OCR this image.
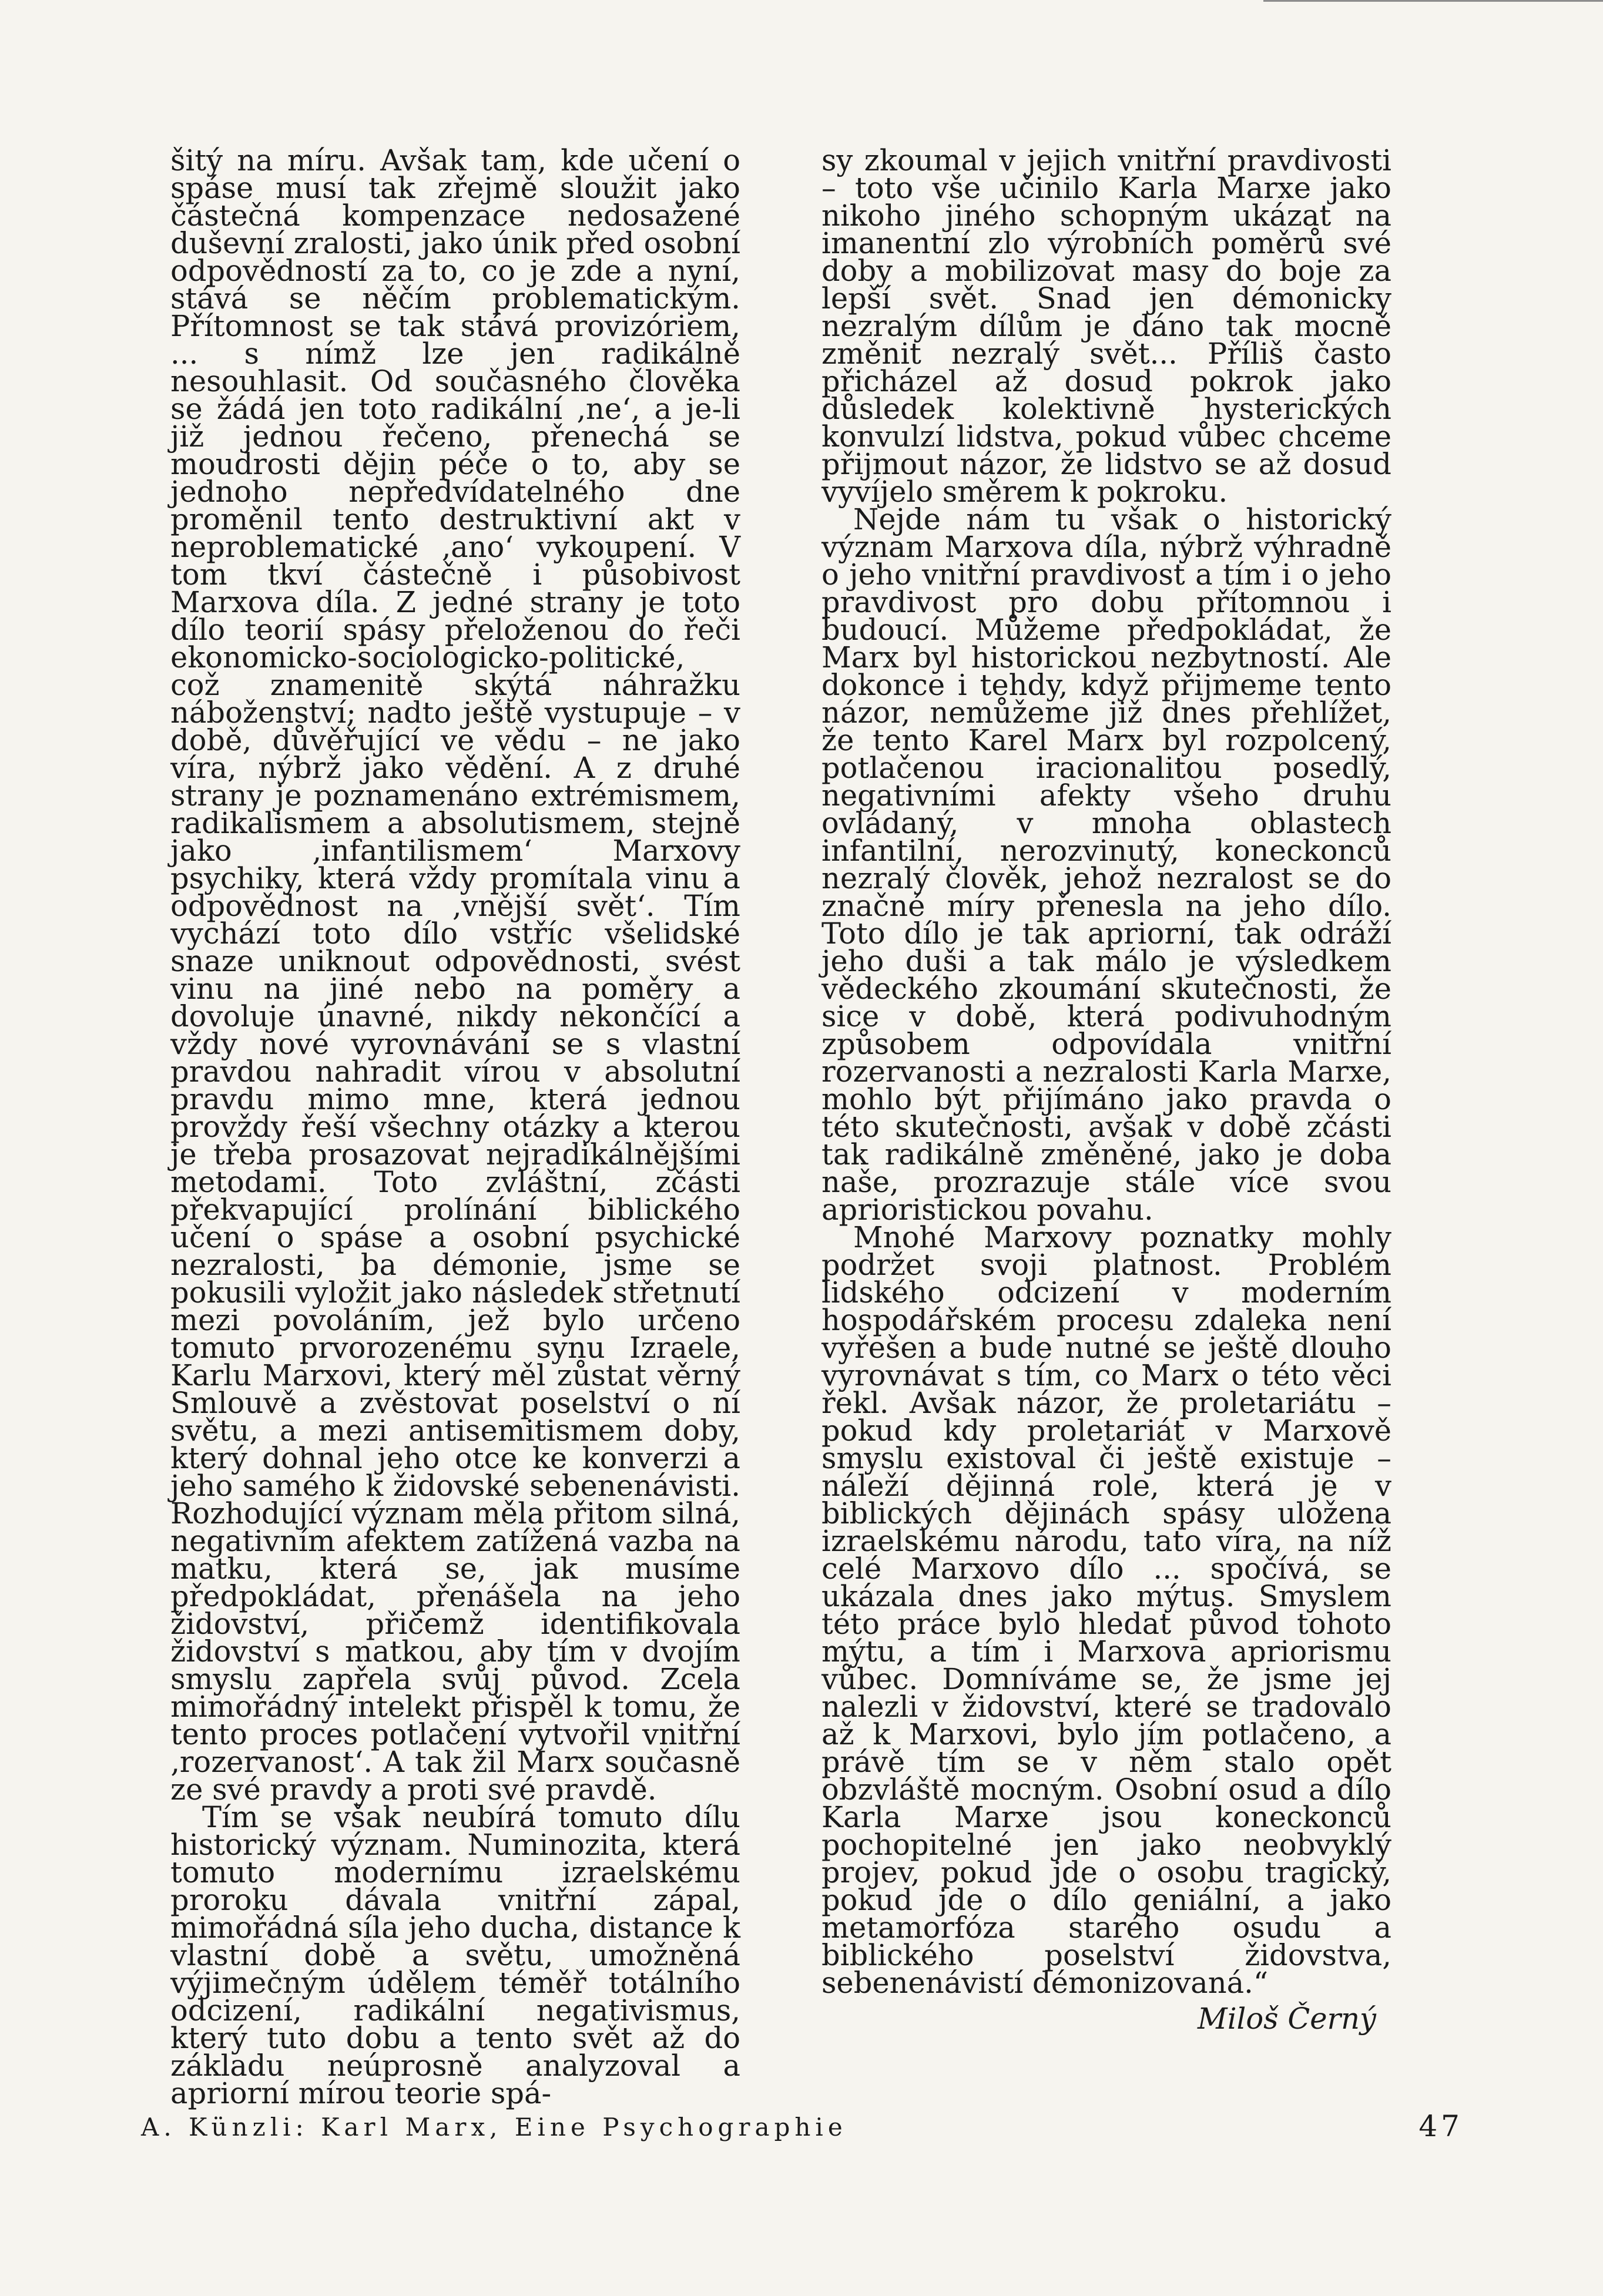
šitý na míru. Avšak tam, kde učení o spáse musí tak zřejmě sloužit jako částečná kompenzace nedosažené duševní zralosti, jako únik před osobní odpovědností za to, co je zde a nyní, stává se něčím problematickým. Přítomnost se tak stává provizóriem, ... s nímž lze jen radikálně nesouhlasit. Od současného člověka se žádá jen toto radikální ‚ne‘, a je-li již jednou řečeno, přenechá se moudrosti dějin péče o to, aby se jednoho nepředvídatelného dne proměnil tento destruktivní akt v neproblematické ‚ano‘ vykoupení. V tom tkví částečně i působivost Marxova díla. Z jedné strany je toto dílo teorií spásy přeloženou do řeči ekonomicko-sociologicko-politické, což znamenitě skýtá náhražku náboženství; nadto ještě vystupuje – v době, důvěřující ve vědu – ne jako víra, nýbrž jako vědění. A z druhé strany je poznamenáno extrémismem, radikalismem a absolutismem, stejně jako ‚infantilismem‘ Marxovy psychiky, která vždy promítala vinu a odpovědnost na ‚vnější svět‘. Tím vychází toto dílo vstříc všelidské snaze uniknout odpovědnosti, svést vinu na jiné nebo na poměry a dovoluje únavné, nikdy nekončící a vždy nové vyrovnávání se s vlastní pravdou nahradit vírou v absolutní pravdu mimo mne, která jednou provždy řeší všechny otázky a kterou je třeba prosazovat nejradikálnějšími metodami. Toto zvláštní, zčásti překvapující prolínání biblického učení o spáse a osobní psychické nezralosti, ba démonie, jsme se pokusili vyložit jako následek střetnutí mezi povoláním, jež bylo určeno tomuto prvorozenému synu Izraele, Karlu Marxovi, který měl zůstat věrný Smlouvě a zvěstovat poselství o ní světu, a mezi antisemitismem doby, který dohnal jeho otce ke konverzi a jeho samého k židovské sebenenávisti. Rozhodující význam měla přitom silná, negativním afektem zatížená vazba na matku, která se, jak musíme předpokládat, přenášela na jeho židovství, přičemž identifikovala židovství s matkou, aby tím v dvojím smyslu zapřela svůj původ. Zcela mimořádný intelekt přispěl k tomu, že tento proces potlačení vytvořil vnitřní ‚rozervanost‘. A tak žil Marx současně ze své pravdy a proti své pravdě.

Tím se však neubírá tomuto dílu historický význam. Numinozita, která tomuto modernímu izraelskému proroku dávala vnitřní zápal, mimořádná síla jeho ducha, distance k vlastní době a světu, umožněná výjimečným údělem téměř totálního odcizení, radikální negativismus, který tuto dobu a tento svět až do základu neúprosně analyzoval a apriorní mírou teorie spá-

sy zkoumal v jejich vnitřní pravdivosti – toto vše učinilo Karla Marxe jako nikoho jiného schopným ukázat na imanentní zlo výrobních poměrů své doby a mobilizovat masy do boje za lepší svět. Snad jen démonicky nezralým dílům je dáno tak mocně změnit nezralý svět... Příliš často přicházel až dosud pokrok jako důsledek kolektivně hysterických konvulzí lidstva, pokud vůbec chceme přijmout názor, že lidstvo se až dosud vyvíjelo směrem k pokroku.

Nejde nám tu však o historický význam Marxova díla, nýbrž výhradně o jeho vnitřní pravdivost a tím i o jeho pravdivost pro dobu přítomnou i budoucí. Můžeme předpokládat, že Marx byl historickou nezbytností. Ale dokonce i tehdy, když přijmeme tento názor, nemůžeme již dnes přehlížet, že tento Karel Marx byl rozpolcený, potlačenou iracionalitou posedlý, negativními afekty všeho druhu ovládaný, v mnoha oblastech infantilní, nerozvinutý, koneckonců nezralý člověk, jehož nezralost se do značné míry přenesla na jeho dílo. Toto dílo je tak apriorní, tak odráží jeho duši a tak málo je výsledkem vědeckého zkoumání skutečnosti, že sice v době, která podivuhodným způsobem odpovídala vnitřní rozervanosti a nezralosti Karla Marxe, mohlo být přijímáno jako pravda o této skutečnosti, avšak v době zčásti tak radikálně změněné, jako je doba naše, prozrazuje stále více svou aprioristickou povahu.

Mnohé Marxovy poznatky mohly podržet svoji platnost. Problém lidského odcizení v moderním hospodářském procesu zdaleka není vyřešen a bude nutné se ještě dlouho vyrovnávat s tím, co Marx o této věci řekl. Avšak názor, že proletariátu – pokud kdy proletariát v Marxově smyslu existoval či ještě existuje – náleží dějinná role, která je v biblických dějinách spásy uložena izraelskému národu, tato víra, na níž celé Marxovo dílo ... spočívá, se ukázala dnes jako mýtus. Smyslem této práce bylo hledat původ tohoto mýtu, a tím i Marxova apriorismu vůbec. Domníváme se, že jsme jej nalezli v židovství, které se tradovalo až k Marxovi, bylo jím potlačeno, a právě tím se v něm stalo opět obzvláště mocným. Osobní osud a dílo Karla Marxe jsou koneckonců pochopitelné jen jako neobvyklý projev, pokud jde o osobu tragický, pokud jde o dílo geniální, a jako metamorfóza starého osudu a biblického poselství židovstva, sebenenávistí démonizovaná.“

Miloš Černý
A. Künzli: Karl Marx, Eine Psychographie	47
